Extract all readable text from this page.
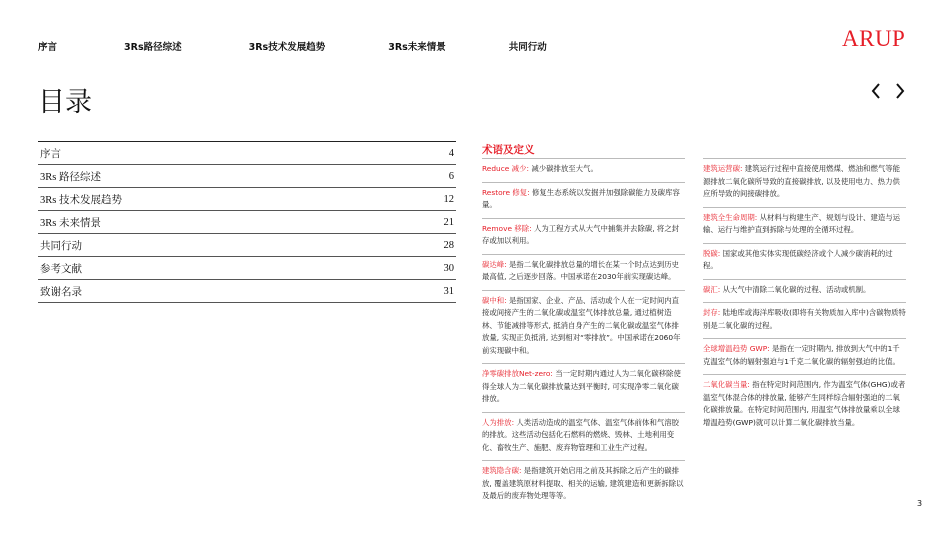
序言	3Rs路径综述	3Rs技术发展趋势	3Rs未来情景	共同行动	ARUP
目录
序言	4
3Rs 路径综述	6
3Rs 技术发展趋势	12
3Rs 未来情景	21
共同行动	28
参考文献	30
致谢名录	31
术语及定义
Reduce 减少: 减少碳排放至大气。
Restore 修复: 修复生态系统以发掘并加强除碳能力及碳库容量。
Remove 移除: 人为工程方式从大气中捕集并去除碳, 将之封存或加以利用。
碳达峰: 是指二氧化碳排放总量的增长在某一个时点达到历史最高值, 之后逐步回落。中国承诺在2030年前实现碳达峰。
碳中和: 是指国家、企业、产品、活动或个人在一定时间内直接或间接产生的二氧化碳或温室气体排放总量, 通过植树造林、节能减排等形式, 抵消自身产生的二氧化碳或温室气体排放量, 实现正负抵消, 达到相对“零排放”。中国承诺在2060年前实现碳中和。
净零碳排放Net-zero: 当一定时期内通过人为二氧化碳移除使得全球人为二氧化碳排放量达到平衡时, 可实现净零二氧化碳排放。
人为排放: 人类活动造成的温室气体、温室气体前体和气溶胶的排放。这些活动包括化石燃料的燃烧、毁林、土地利用变化、畜牧生产、施肥、废弃物管理和工业生产过程。
建筑隐含碳: 是指建筑开始启用之前及其拆除之后产生的碳排放, 覆盖建筑原材料提取、相关的运输, 建筑建造和更新拆除以及最后的废弃物处理等等。
建筑运营碳: 建筑运行过程中直接使用燃煤、燃油和燃气等能源排放二氧化碳所导致的直接碳排放, 以及使用电力、热力供应所导致的间接碳排放。
建筑全生命周期: 从材料与构建生产、规划与设计、建造与运输、运行与维护直到拆除与处理的全循环过程。
脱碳: 国家或其他实体实现低碳经济或个人减少碳消耗的过程。
碳汇: 从大气中清除二氧化碳的过程、活动或机制。
封存: 陆地库或海洋库吸收(即将有关物质加入库中)含碳物质特别是二氧化碳的过程。
全球增温趋势 GWP: 是指在一定时期内, 排放到大气中的1千克温室气体的辐射强迫与1千克二氧化碳的辐射强迫的比值。
二氧化碳当量: 指在特定时间范围内, 作为温室气体(GHG)或者温室气体混合体的排放量, 能够产生同样综合辐射强迫的二氧化碳排放量。在特定时间范围内, 用温室气体排放量乘以全球增温趋势(GWP)就可以计算二氧化碳排放当量。
3
